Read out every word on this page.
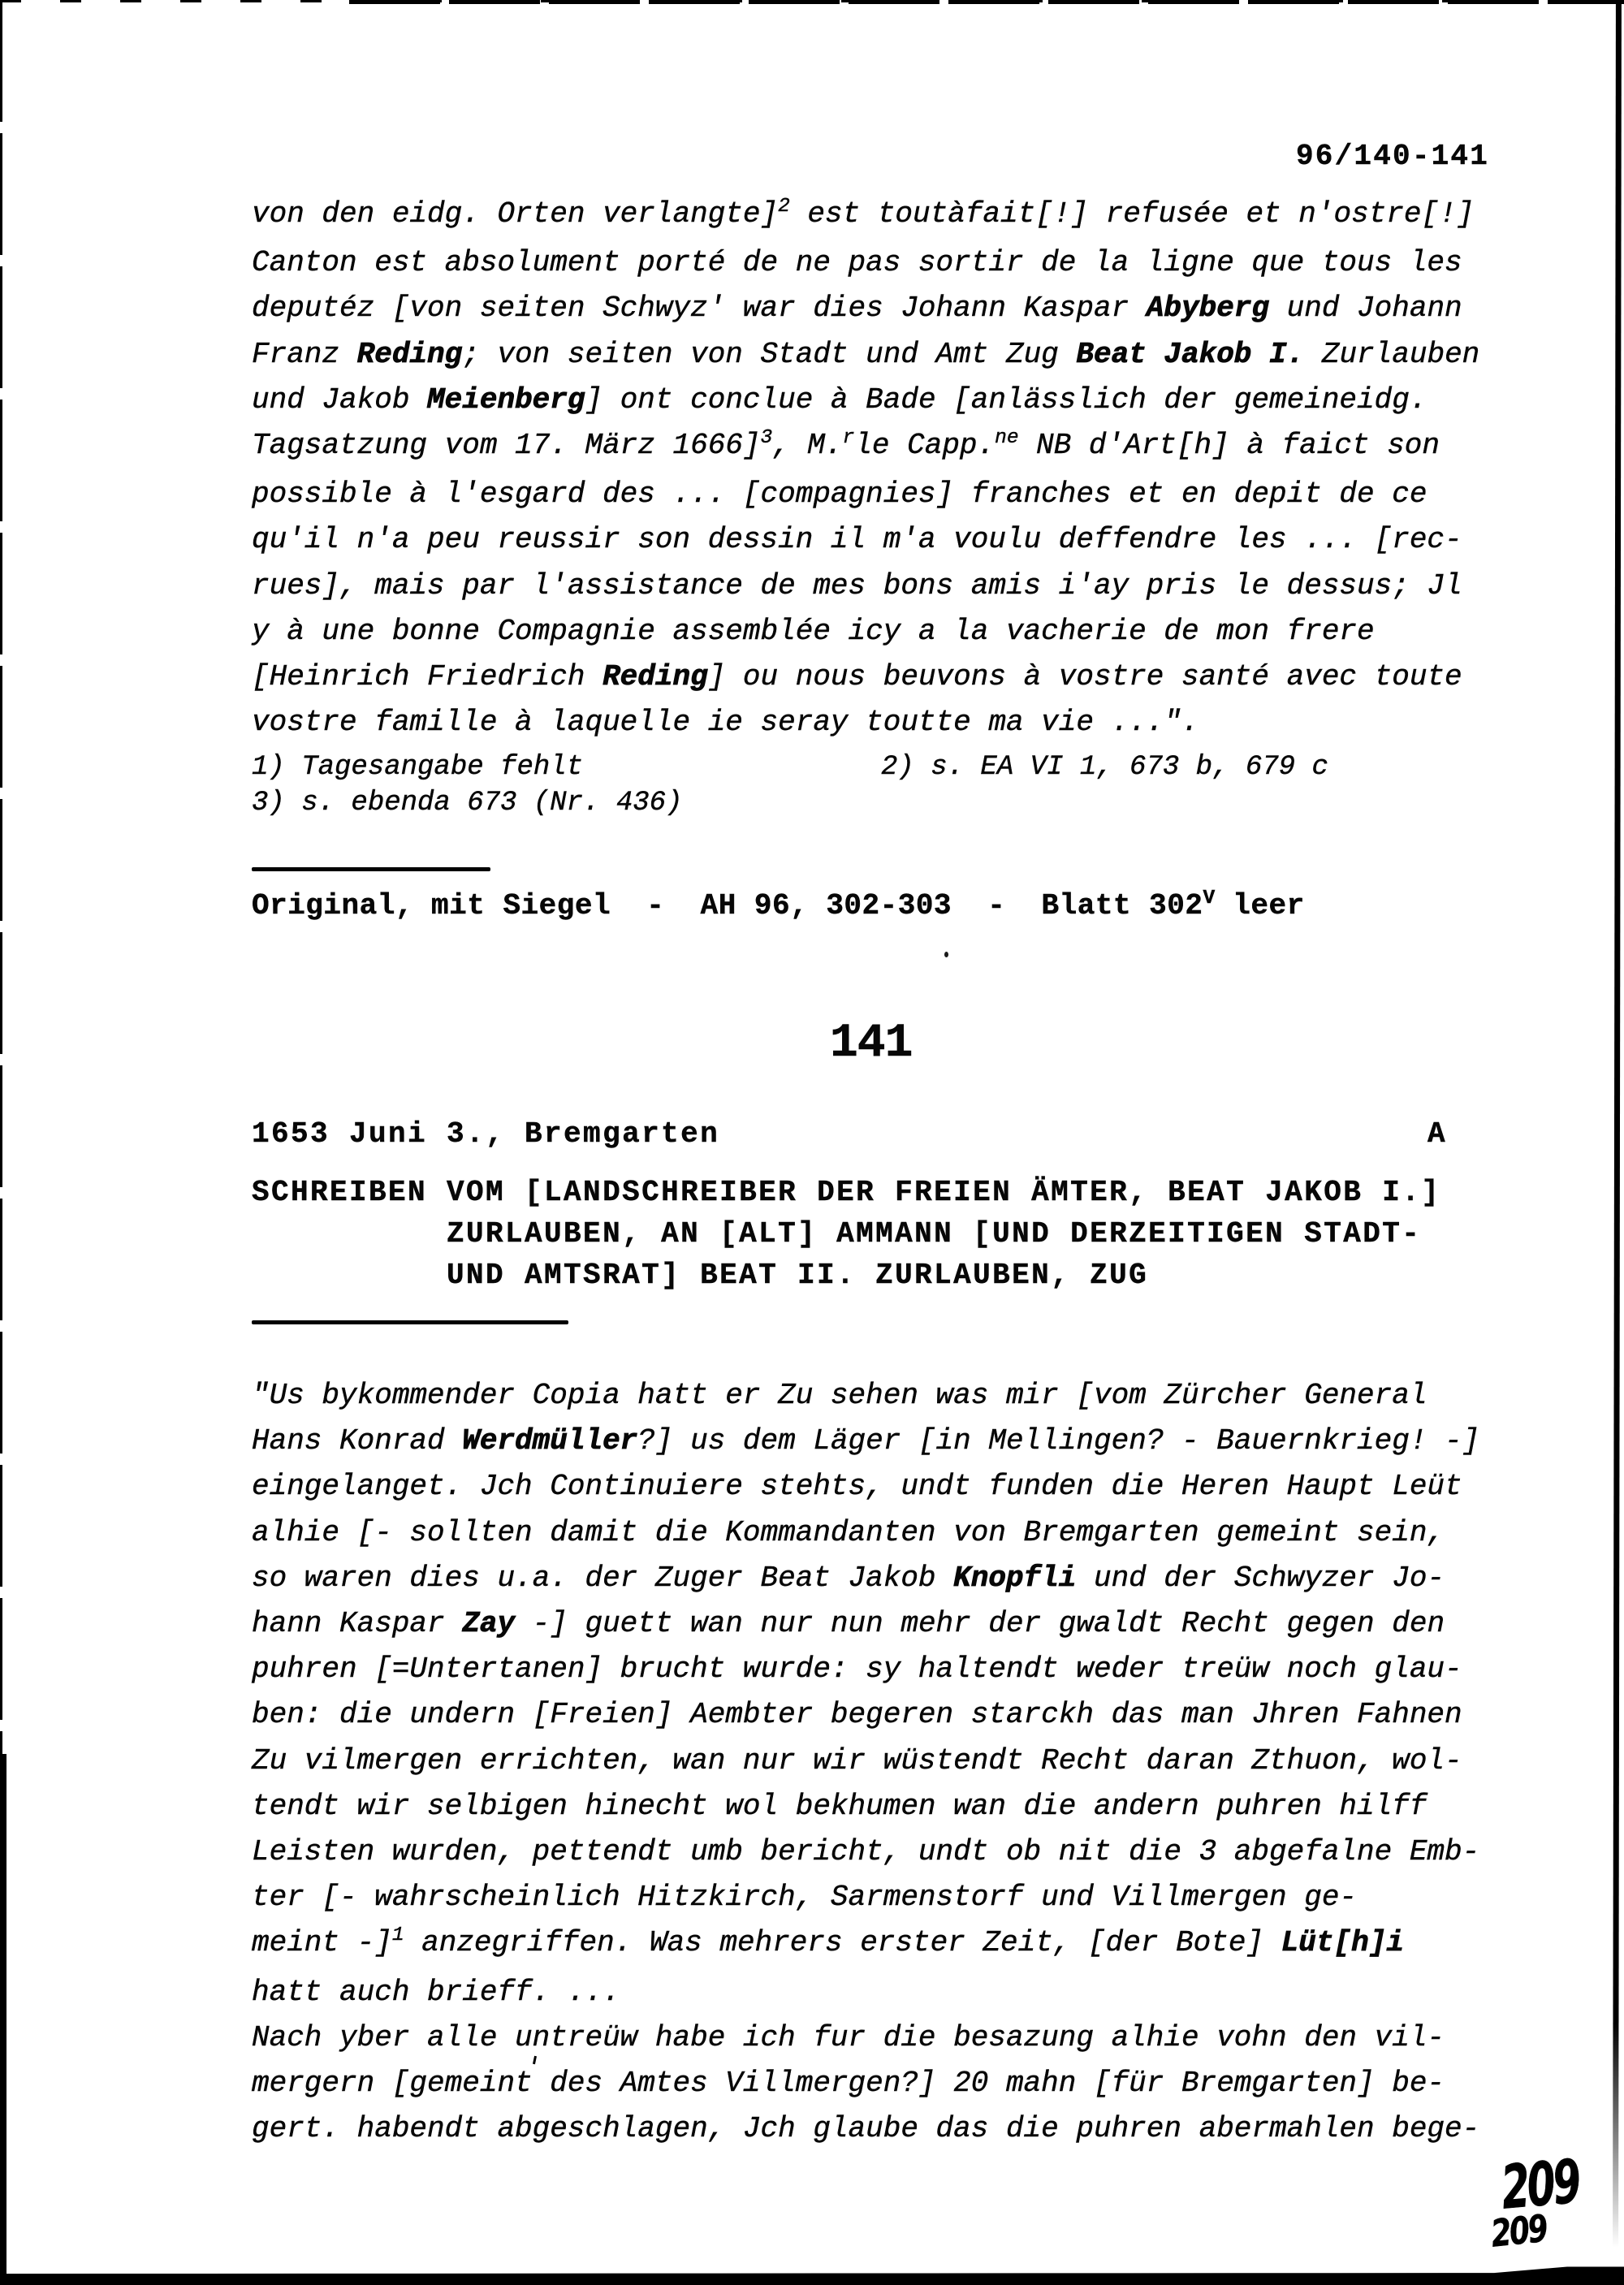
96/140-141
von den eidg. Orten verlangte]$^2$ est toutàfait[!] refusée et n'ostre[!]
Canton est absolument porté de ne pas sortir de la ligne que tous les
deputéz [von seiten Schwyz' war dies Johann Kaspar Abyberg und Johann
Franz Reding; von seiten von Stadt und Amt Zug Beat Jakob I. Zurlauben
und Jakob Meienberg] ont conclue à Bade [anlässlich der gemeineidg.
Tagsatzung vom 17. März 1666]$^3$, M.$^r$le Capp.$^{ne}$ NB d'Art[h] à faict son
possible à l'esgard des ... [compagnies] franches et en depit de ce
qu'il n'a peu reussir son dessin il m'a voulu deffendre les ... [rec-
rues], mais par l'assistance de mes bons amis i'ay pris le dessus; Jl
y à une bonne Compagnie assemblée icy a la vacherie de mon frere
[Heinrich Friedrich Reding] ou nous beuvons à vostre santé avec toute
vostre famille à laquelle ie seray toutte ma vie ...".
1) Tagesangabe fehlt	2) s. EA VI 1, 673 b, 679 c
3) s. ebenda 673 (Nr. 436)
Original, mit Siegel  -  AH 96, 302-303  -  Blatt $302^V$ leer
141
1653 Juni 3., Bremgarten	A
SCHREIBEN VOM [LANDSCHREIBER DER FREIEN ÄMTER, BEAT JAKOB I.]
ZURLAUBEN, AN [ALT] AMMANN [UND DERZEITIGEN STADT-
UND AMTSRAT] BEAT II. ZURLAUBEN, ZUG
"Us bykommender Copia hatt er Zu sehen was mir [vom Zürcher General
Hans Konrad Werdmüller?] us dem Läger [in Mellingen? - Bauernkrieg! -]
eingelanget. Jch Continuiere stehts, undt funden die Heren Haupt Leüt
alhie [- sollten damit die Kommandanten von Bremgarten gemeint sein,
so waren dies u.a. der Zuger Beat Jakob Knopfli und der Schwyzer Jo-
hann Kaspar Zay -] guett wan nur nun mehr der gwaldt Recht gegen den
puhren [=Untertanen] brucht wurde: sy haltendt weder treüw noch glau-
ben: die undern [Freien] Aembter begeren starckh das man Jhren Fahnen
Zu vilmergen errichten, wan nur wir wüstendt Recht daran Zthuon, wol-
tendt wir selbigen hinecht wol bekhumen wan die andern puhren hilff
Leisten wurden, pettendt umb bericht, undt ob nit die 3 abgefalne Emb-
ter [- wahrscheinlich Hitzkirch, Sarmenstorf und Villmergen ge-
meint -]$^1$ anzegriffen. Was mehrers erster Zeit, [der Bote] Lüt[h]i
hatt auch brieff. ...
Nach yber alle untreüw habe ich fur die besazung alhie vohn den vil-
mergern [gemeint des Amtes Villmergen?] 20 mahn [für Bremgarten] be-
gert. habendt abgeschlagen, Jch glaube das die puhren abermahlen bege-
209
209
